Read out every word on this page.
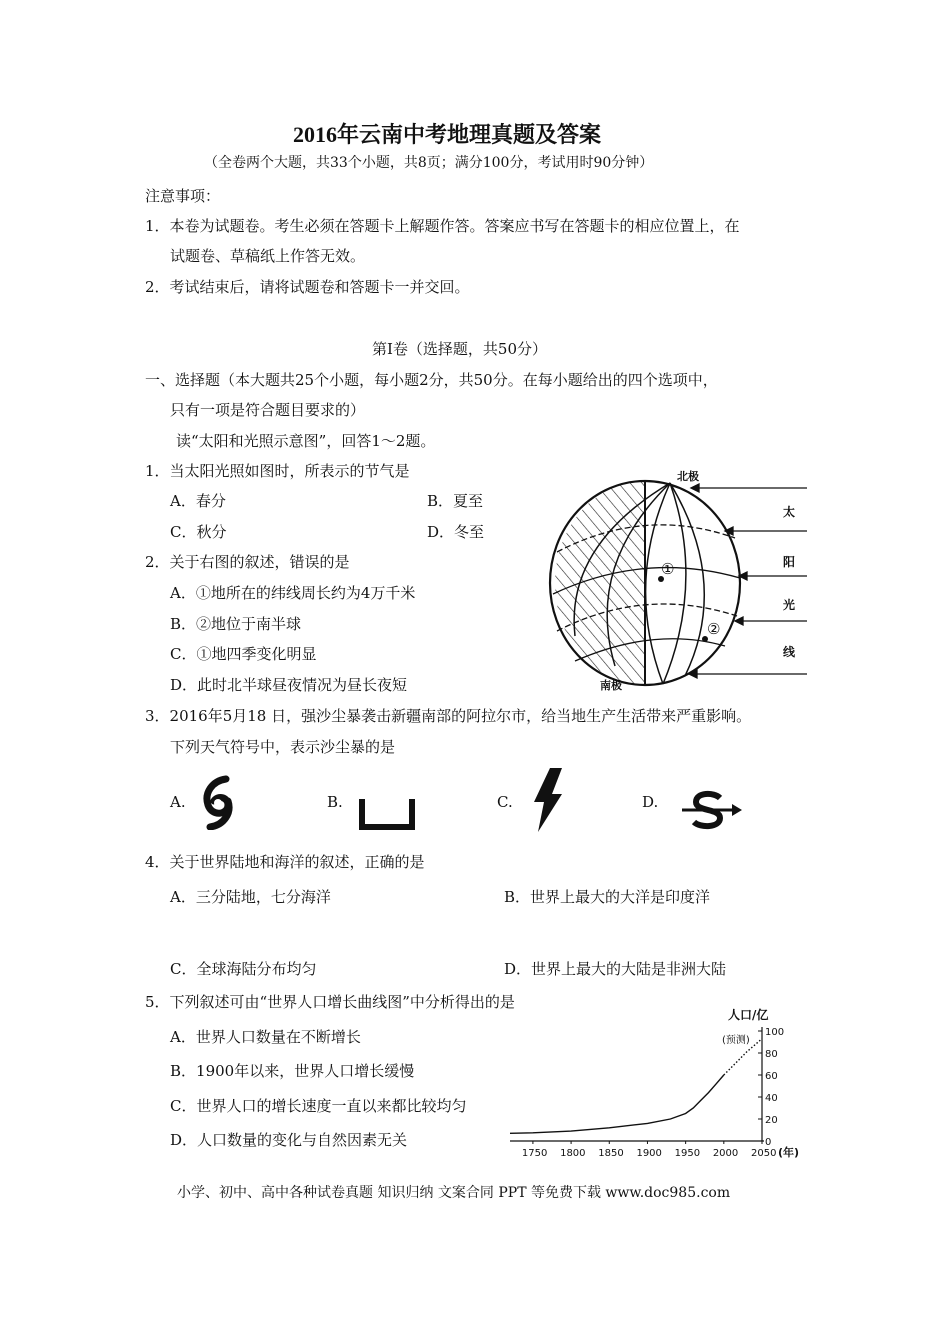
2016年云南中考地理真题及答案
（全卷两个大题，共33个小题，共8页；满分100分，考试用时90分钟）
注意事项：
1．本卷为试题卷。考生必须在答题卡上解题作答。答案应书写在答题卡的相应位置上，在
试题卷、草稿纸上作答无效。
2．考试结束后，请将试题卷和答题卡一并交回。
第Ⅰ卷（选择题，共50分）
一、选择题（本大题共25个小题，每小题2分，共50分。在每小题给出的四个选项中，
只有一项是符合题目要求的）
读“太阳和光照示意图”，回答1～2题。
1．当太阳光照如图时，所表示的节气是
A．春分	B．夏至
C．秋分	D．冬至
2．关于右图的叙述，错误的是
A．①地所在的纬线周长约为4万千米
B．②地位于南半球
C．①地四季变化明显
D．此时北半球昼夜情况为昼长夜短
①
②
北极
南极
太
阳
光
线
3．2016年5月18 日，强沙尘暴袭击新疆南部的阿拉尔市，给当地生产生活带来严重影响。
下列天气符号中，表示沙尘暴的是
A.	B.	C.	D.
4．关于世界陆地和海洋的叙述，正确的是
A．三分陆地，七分海洋	B．世界上最大的大洋是印度洋
C．全球海陆分布均匀	D．世界上最大的大陆是非洲大陆
5．下列叙述可由“世界人口增长曲线图”中分析得出的是
A．世界人口数量在不断增长
B．1900年以来，世界人口增长缓慢
C．世界人口的增长速度一直以来都比较均匀
D．人口数量的变化与自然因素无关	0
20
40
60
80
100
1750 1800 1850 1900 1950 2000 2050
人口/亿
(预测)
(年)
小学、初中、高中各种试卷真题 知识归纳 文案合同 PPT 等免费下载 www.doc985.com
